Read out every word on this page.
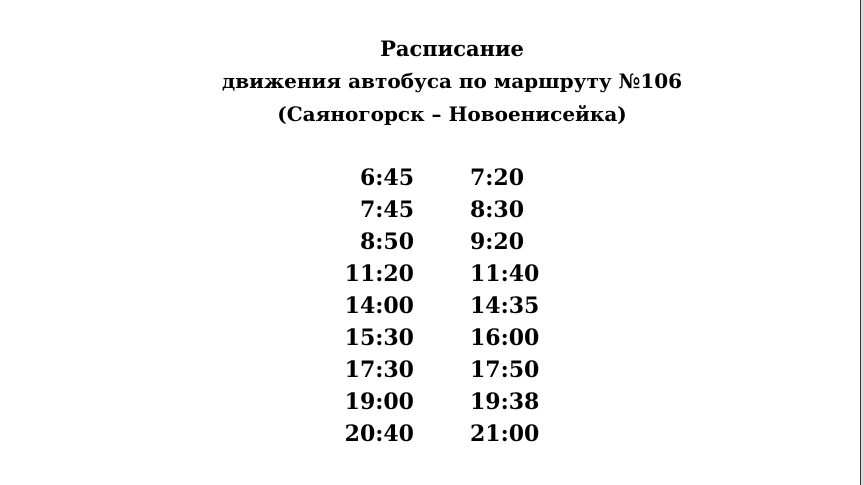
Расписание
движения автобуса по маршруту №106
(Саяногорск – Новоенисейка)
6:45	7:20
7:45	8:30
8:50	9:20
11:20	11:40
14:00	14:35
15:30	16:00
17:30	17:50
19:00	19:38
20:40	21:00
